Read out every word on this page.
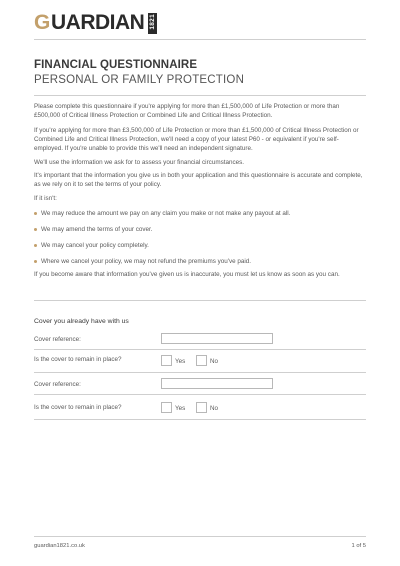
G UARDIAN 1821
FINANCIAL QUESTIONNAIRE
PERSONAL OR FAMILY PROTECTION

Please complete this questionnaire if you're applying for more than £1,500,000 of Life Protection or more than £500,000 of Critical Illness Protection or Combined Life and Critical Illness Protection.

If you're applying for more than £3,500,000 of Life Protection or more than £1,500,000 of Critical Illness Protection or Combined Life and Critical Illness Protection, we'll need a copy of your latest P60 - or equivalent if you're self-employed. If you're unable to provide this we'll need an independent signature.

We'll use the information we ask for to assess your financial circumstances.

It's important that the information you give us in both your application and this questionnaire is accurate and complete, as we rely on it to set the terms of your policy.

If it isn't:

We may reduce the amount we pay on any claim you make or not make any payout at all.
We may amend the terms of your cover.
We may cancel your policy completely.
Where we cancel your policy, we may not refund the premiums you've paid.

If you become aware that information you've given us is inaccurate, you must let us know as soon as you can.

Cover you already have with us
Cover reference:
Is the cover to remain in place?	Yes	No
Cover reference:
Is the cover to remain in place?	Yes	No
guardian1821.co.uk	1 of 5
